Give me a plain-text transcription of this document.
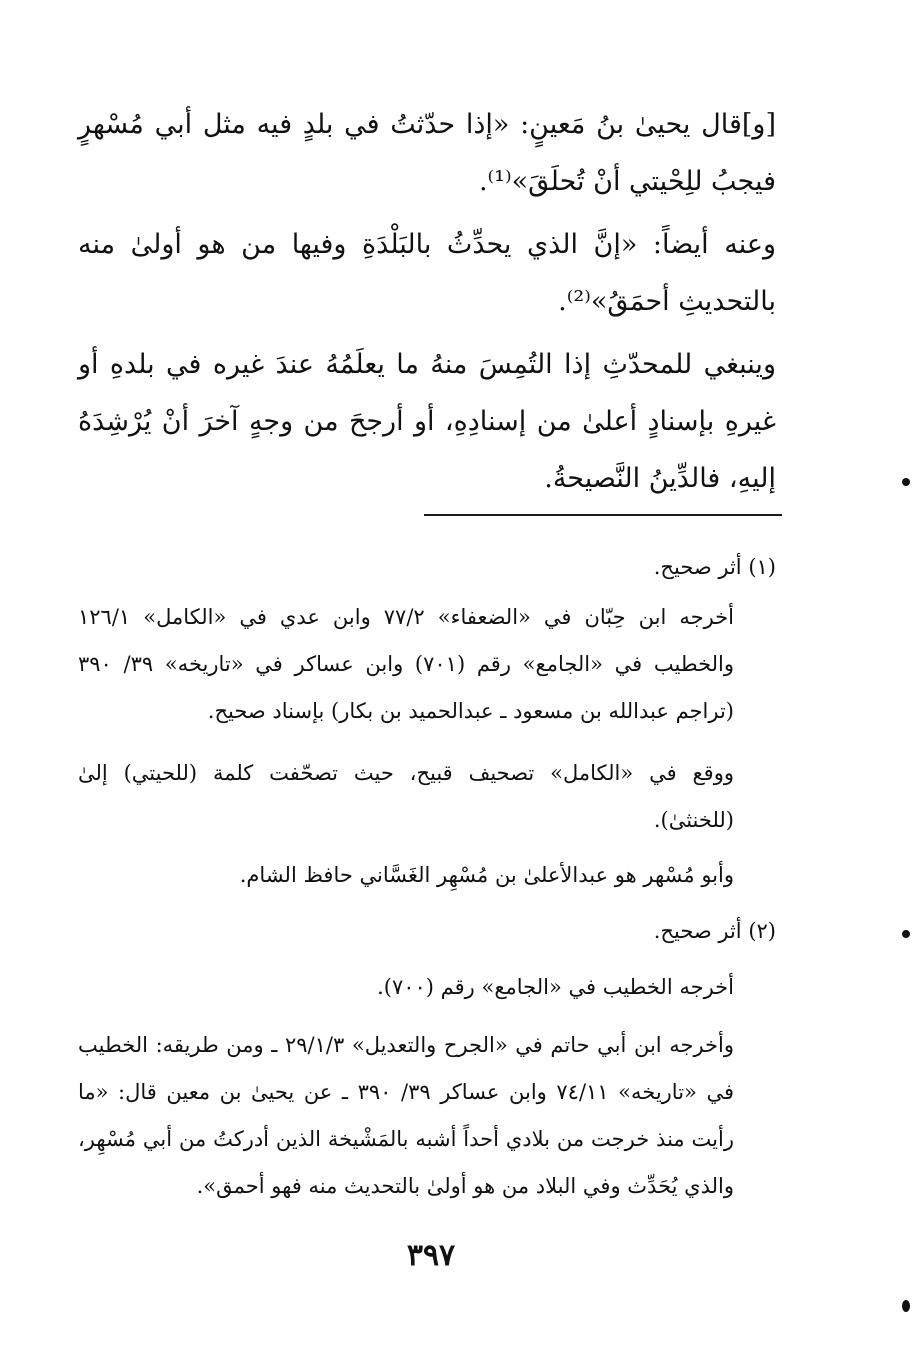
[و]قال يحيىٰ بنُ مَعينٍ: «إذا حدّثتُ في بلدٍ فيه مثل أبي مُسْهرٍ فيجبُ للِحْيتي أنْ تُحلَقَ»⁽¹⁾.

وعنه أيضاً: «إنَّ الذي يحدِّثُ بالبَلْدَةِ وفيها من هو أولىٰ منه بالتحديثِ أحمَقُ»⁽²⁾.

وينبغي للمحدّثِ إذا التُمِسَ منهُ ما يعلَمُهُ عندَ غيره في بلدهِ أو غيرهِ بإسنادٍ أعلىٰ من إسنادِهِ، أو أرجحَ من وجهٍ آخرَ أنْ يُرْشِدَهُ إليهِ، فالدِّينُ النَّصيحةُ.

(١) أثر صحيح.

أخرجه ابن حِبّان في «الضعفاء» ٧٧/٢ وابن عدي في «الكامل» ١٢٦/١ والخطيب في «الجامع» رقم (٧٠١) وابن عساكر في «تاريخه» ٣٩/ ٣٩٠ (تراجم عبدالله بن مسعود ـ عبدالحميد بن بكار) بإسناد صحيح.

ووقع في «الكامل» تصحيف قبيح، حيث تصحّفت كلمة (للحيتي) إلىٰ (للخنثىٰ).

وأبو مُسْهر هو عبدالأعلىٰ بن مُسْهِر الغَسَّاني حافظ الشام.

(٢) أثر صحيح.

أخرجه الخطيب في «الجامع» رقم (٧٠٠).

وأخرجه ابن أبي حاتم في «الجرح والتعديل» ٢٩/١/٣ ـ ومن طريقه: الخطيب في «تاريخه» ٧٤/١١ وابن عساكر ٣٩/ ٣٩٠ ـ عن يحيىٰ بن معين قال: «ما رأيت منذ خرجت من بلادي أحداً أشبه بالمَشْيخة الذين أدركتُ من أبي مُسْهِر، والذي يُحَدِّث وفي البلاد من هو أولىٰ بالتحديث منه فهو أحمق».

٣٩٧
